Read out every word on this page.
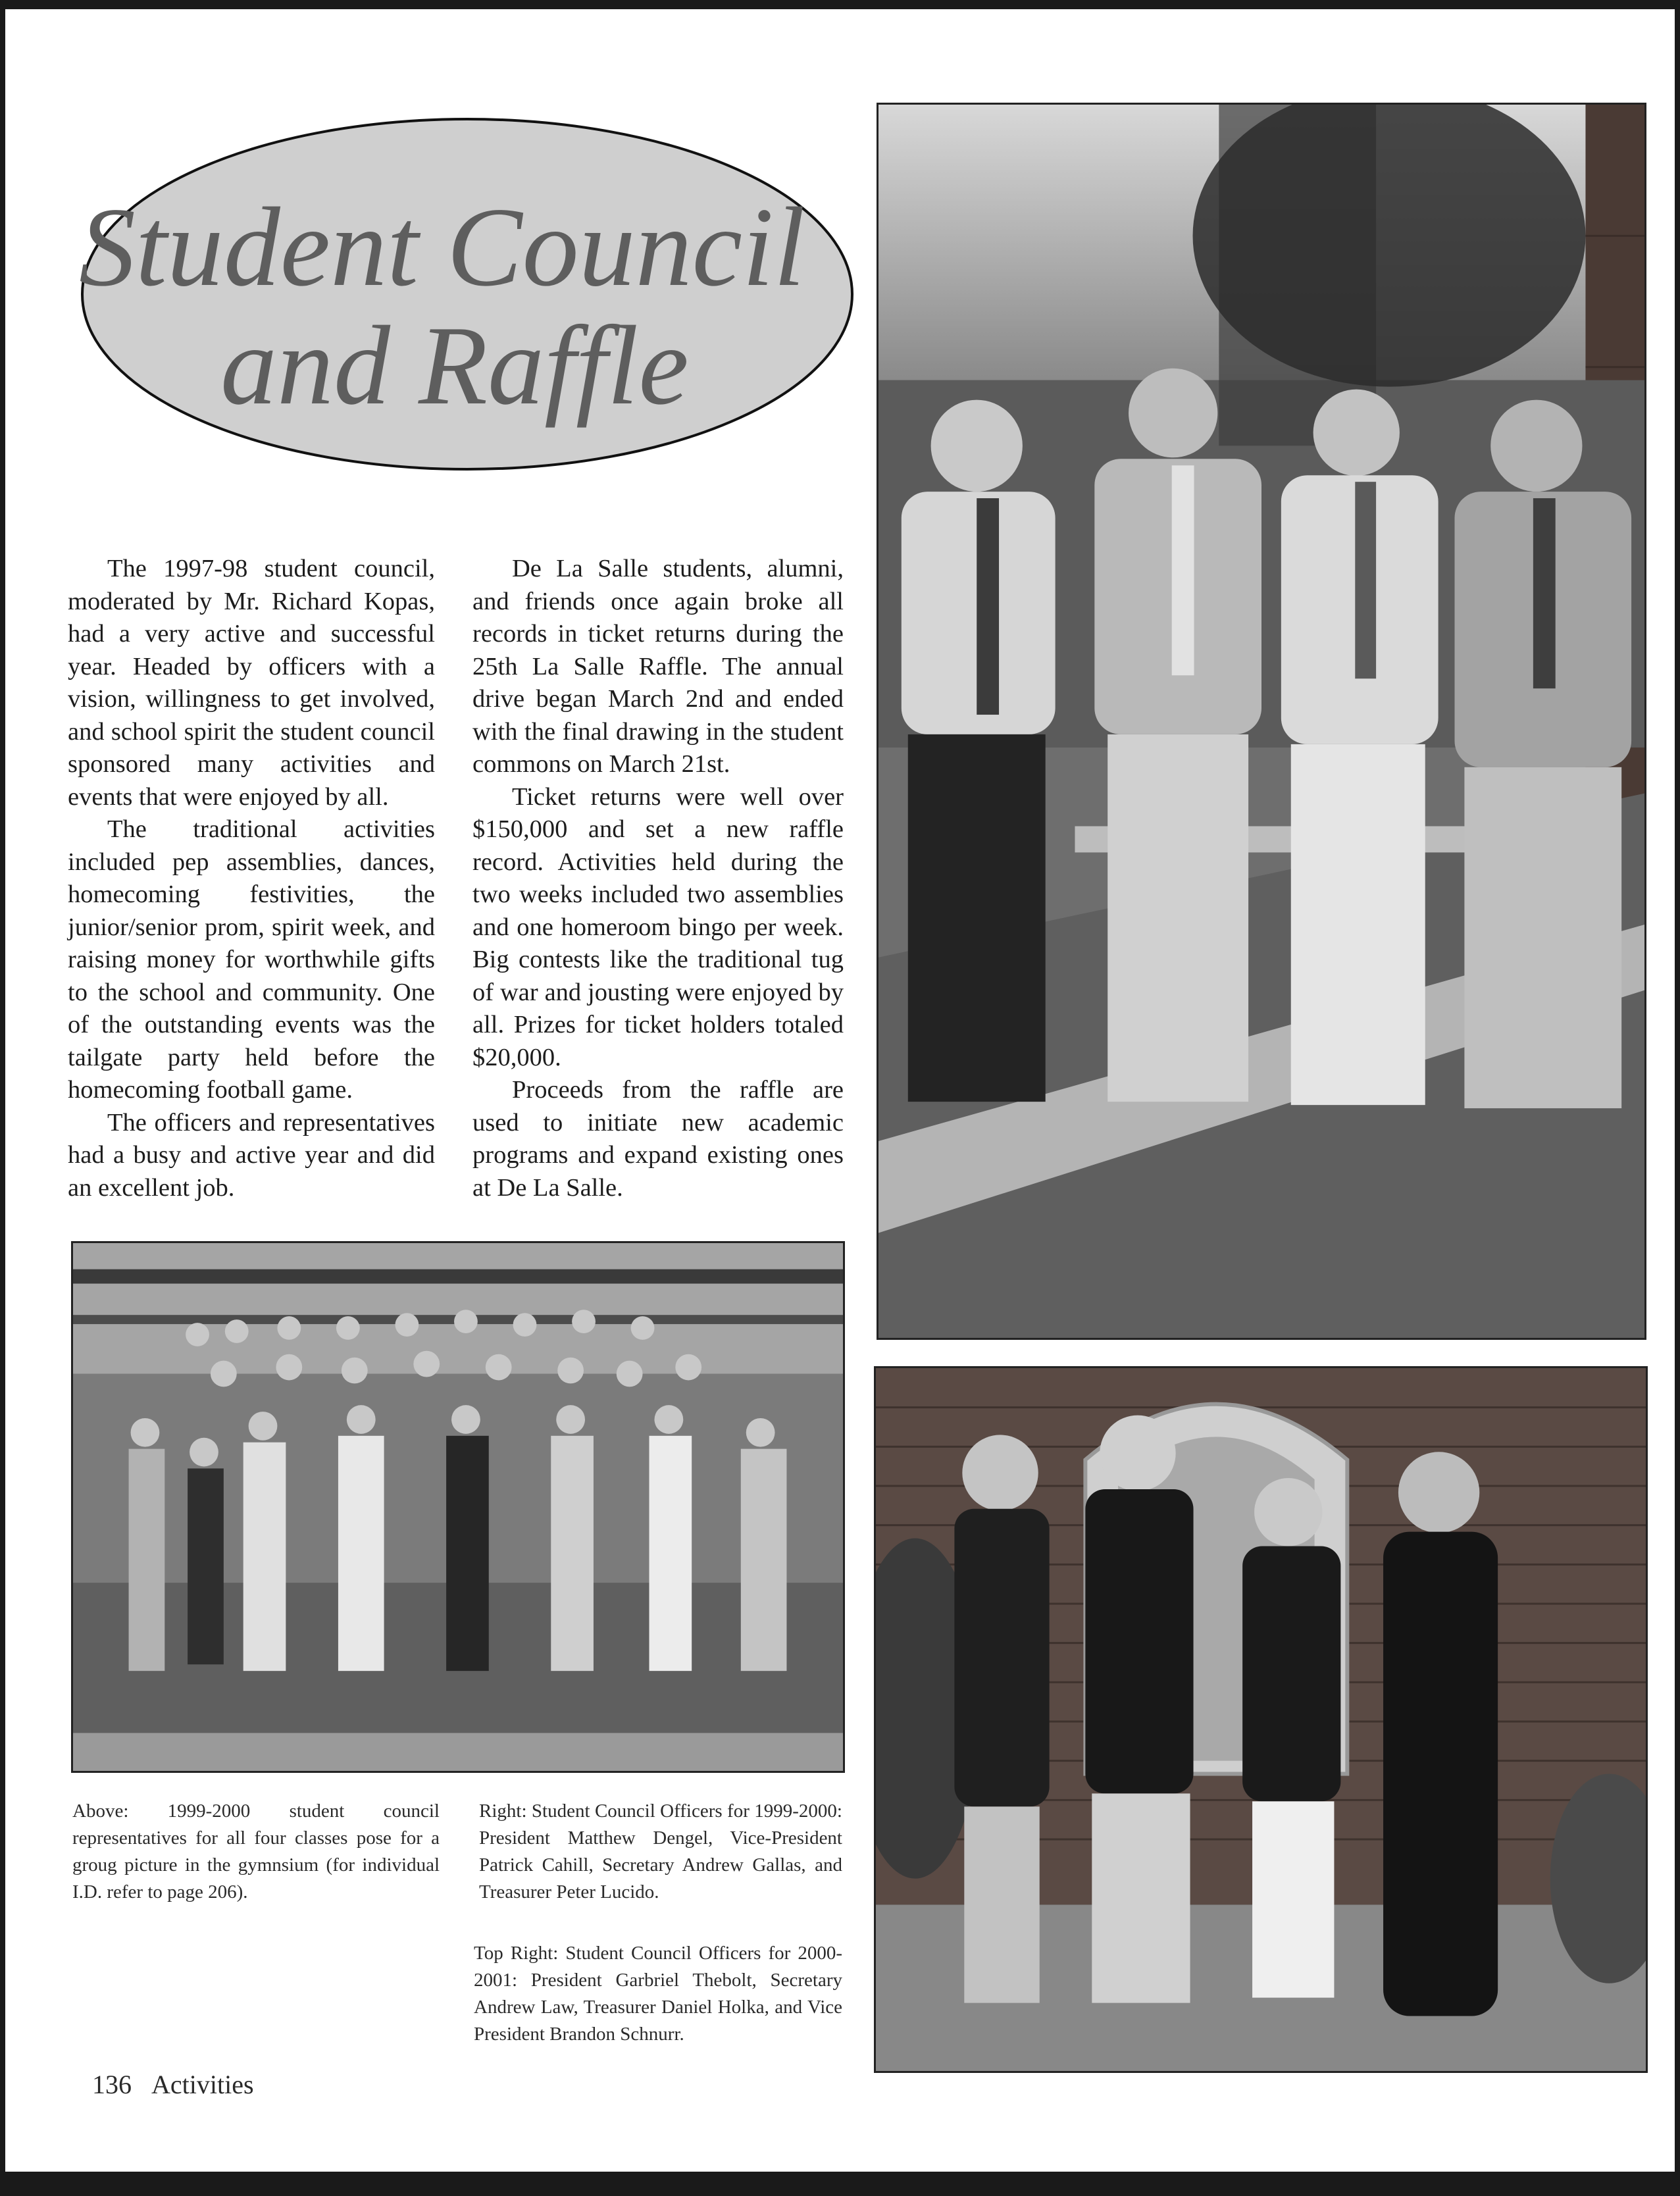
Student Council
and Raffle

The 1997-98 student council, moderated by Mr. Richard Kopas, had a very active and successful year. Headed by officers with a vision, willingness to get involved, and school spirit the student council sponsored many activities and events that were enjoyed by all.

The traditional activities included pep assemblies, dances, homecoming festivities, the junior/senior prom, spirit week, and raising money for worthwhile gifts to the school and community. One of the outstanding events was the tailgate party held before the homecoming football game.

The officers and representatives had a busy and active year and did an excellent job.

De La Salle students, alumni, and friends once again broke all records in ticket returns during the 25th La Salle Raffle. The annual drive began March 2nd and ended with the final drawing in the student commons on March 21st.

Ticket returns were well over $150,000 and set a new raffle record. Activities held during the two weeks included two assemblies and one homeroom bingo per week. Big contests like the traditional tug of war and jousting were enjoyed by all. Prizes for ticket holders totaled $20,000.

Proceeds from the raffle are used to initiate new academic programs and expand existing ones at De La Salle.

Above: 1999-2000 student council representatives for all four classes pose for a groug picture in the gymnsium (for individual I.D. refer to page 206).
Right: Student Council Officers for 1999-2000: President Matthew Dengel, Vice-President Patrick Cahill, Secretary Andrew Gallas, and Treasurer Peter Lucido.
Top Right: Student Council Officers for 2000-2001: President Garbriel Thebolt, Secretary Andrew Law, Treasurer Daniel Holka, and Vice President Brandon Schnurr.
136 Activities
